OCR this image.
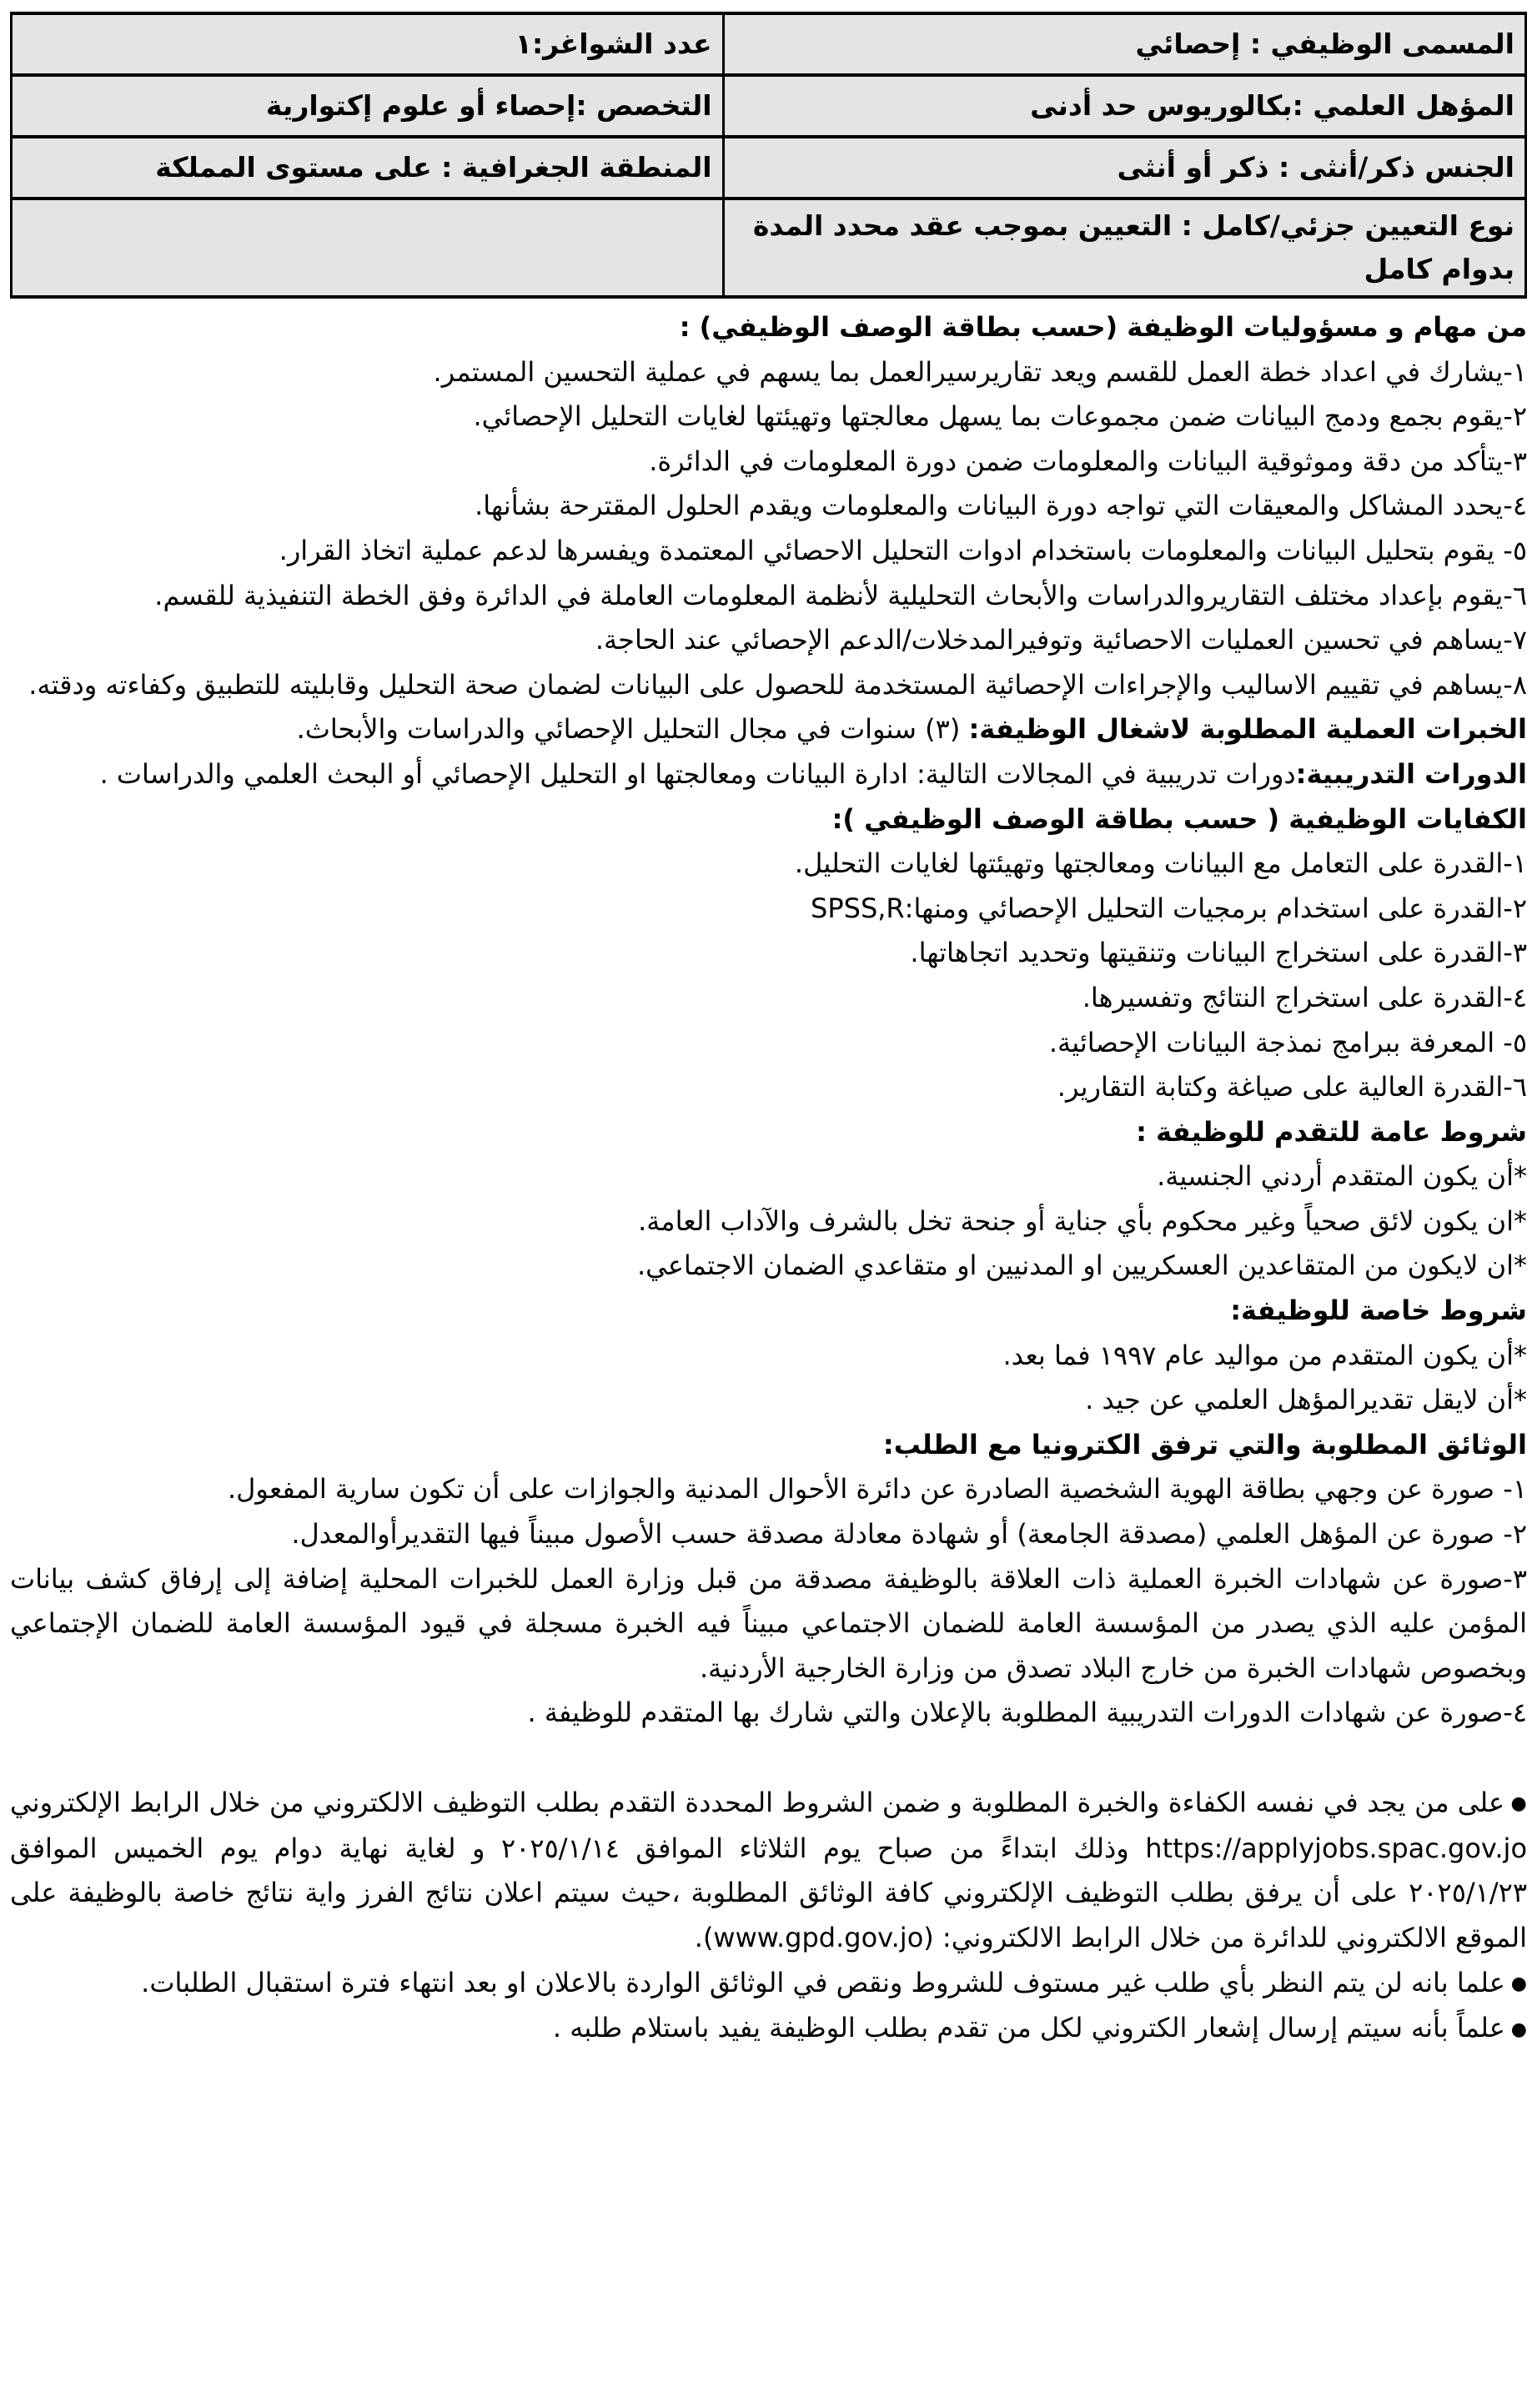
المسمى الوظيفي : إحصائي	عدد الشواغر:١
المؤهل العلمي :بكالوريوس حد أدنى	التخصص :إحصاء أو علوم إكتوارية
الجنس ذكر/أنثى : ذكر أو أنثى	المنطقة الجغرافية : على مستوى المملكة
نوع التعيين جزئي/كامل : التعيين بموجب عقد محدد المدة بدوام كامل	

من مهام و مسؤوليات الوظيفة (حسب بطاقة الوصف الوظيفي) :

١-يشارك في اعداد خطة العمل للقسم ويعد تقاريرسيرالعمل بما يسهم في عملية التحسين المستمر.

٢-يقوم بجمع ودمج البيانات ضمن مجموعات بما يسهل معالجتها وتهيئتها لغايات التحليل الإحصائي.

٣-يتأكد من دقة وموثوقية البيانات والمعلومات ضمن دورة المعلومات في الدائرة.

٤-يحدد المشاكل والمعيقات التي تواجه دورة البيانات والمعلومات ويقدم الحلول المقترحة بشأنها.

٥- يقوم بتحليل البيانات والمعلومات باستخدام ادوات التحليل الاحصائي المعتمدة ويفسرها لدعم عملية اتخاذ القرار.

٦-يقوم بإعداد مختلف التقاريروالدراسات والأبحاث التحليلية لأنظمة المعلومات العاملة في الدائرة وفق الخطة التنفيذية للقسم.

٧-يساهم في تحسين العمليات الاحصائية وتوفيرالمدخلات/الدعم الإحصائي عند الحاجة.

٨-يساهم في تقييم الاساليب والإجراءات الإحصائية المستخدمة للحصول على البيانات لضمان صحة التحليل وقابليته للتطبيق وكفاءته ودقته.

الخبرات العملية المطلوبة لاشغال الوظيفة: (٣) سنوات في مجال التحليل الإحصائي والدراسات والأبحاث.

الدورات التدريبية:دورات تدريبية في المجالات التالية: ادارة البيانات ومعالجتها او التحليل الإحصائي أو البحث العلمي والدراسات .

الكفايات الوظيفية ( حسب بطاقة الوصف الوظيفي ):

١-القدرة على التعامل مع البيانات ومعالجتها وتهيئتها لغايات التحليل.

٢-القدرة على استخدام برمجيات التحليل الإحصائي ومنها:SPSS,R

٣-القدرة على استخراج البيانات وتنقيتها وتحديد اتجاهاتها.

٤-القدرة على استخراج النتائج وتفسيرها.

٥- المعرفة ببرامج نمذجة البيانات الإحصائية.

٦-القدرة العالية على صياغة وكتابة التقارير.

شروط عامة للتقدم للوظيفة :

*أن يكون المتقدم أردني الجنسية.

*ان يكون لائق صحياً وغير محكوم بأي جناية أو جنحة تخل بالشرف والآداب العامة.

*ان لايكون من المتقاعدين العسكريين او المدنيين او متقاعدي الضمان الاجتماعي.

شروط خاصة للوظيفة:

*أن يكون المتقدم من مواليد عام ١٩٩٧ فما بعد.

*أن لايقل تقديرالمؤهل العلمي عن جيد .

الوثائق المطلوبة والتي ترفق الكترونيا مع الطلب:

١- صورة عن وجهي بطاقة الهوية الشخصية الصادرة عن دائرة الأحوال المدنية والجوازات على أن تكون سارية المفعول.

٢- صورة عن المؤهل العلمي (مصدقة الجامعة) أو شهادة معادلة مصدقة حسب الأصول مبيناً فيها التقديرأوالمعدل.

٣-صورة عن شهادات الخبرة العملية ذات العلاقة بالوظيفة مصدقة من قبل وزارة العمل للخبرات المحلية إضافة إلى إرفاق كشف بيانات المؤمن عليه الذي يصدر من المؤسسة العامة للضمان الاجتماعي مبيناً فيه الخبرة مسجلة في قيود المؤسسة العامة للضمان الإجتماعي وبخصوص شهادات الخبرة من خارج البلاد تصدق من وزارة الخارجية الأردنية.

٤-صورة عن شهادات الدورات التدريبية المطلوبة بالإعلان والتي شارك بها المتقدم للوظيفة .

● على من يجد في نفسه الكفاءة والخبرة المطلوبة و ضمن الشروط المحددة التقدم بطلب التوظيف الالكتروني من خلال الرابط الإلكتروني https://applyjobs.spac.gov.jo وذلك ابتداءً من صباح يوم الثلاثاء الموافق ٢٠٢٥/١/١٤ و لغاية نهاية دوام يوم الخميس الموافق ٢٠٢٥/١/٢٣ على أن يرفق بطلب التوظيف الإلكتروني كافة الوثائق المطلوبة ،حيث سيتم اعلان نتائج الفرز واية نتائج خاصة بالوظيفة على الموقع الالكتروني للدائرة من خلال الرابط الالكتروني: (www.gpd.gov.jo).

● علما بانه لن يتم النظر بأي طلب غير مستوف للشروط ونقص في الوثائق الواردة بالاعلان او بعد انتهاء فترة استقبال الطلبات.

● علماً بأنه سيتم إرسال إشعار الكتروني لكل من تقدم بطلب الوظيفة يفيد باستلام طلبه .
